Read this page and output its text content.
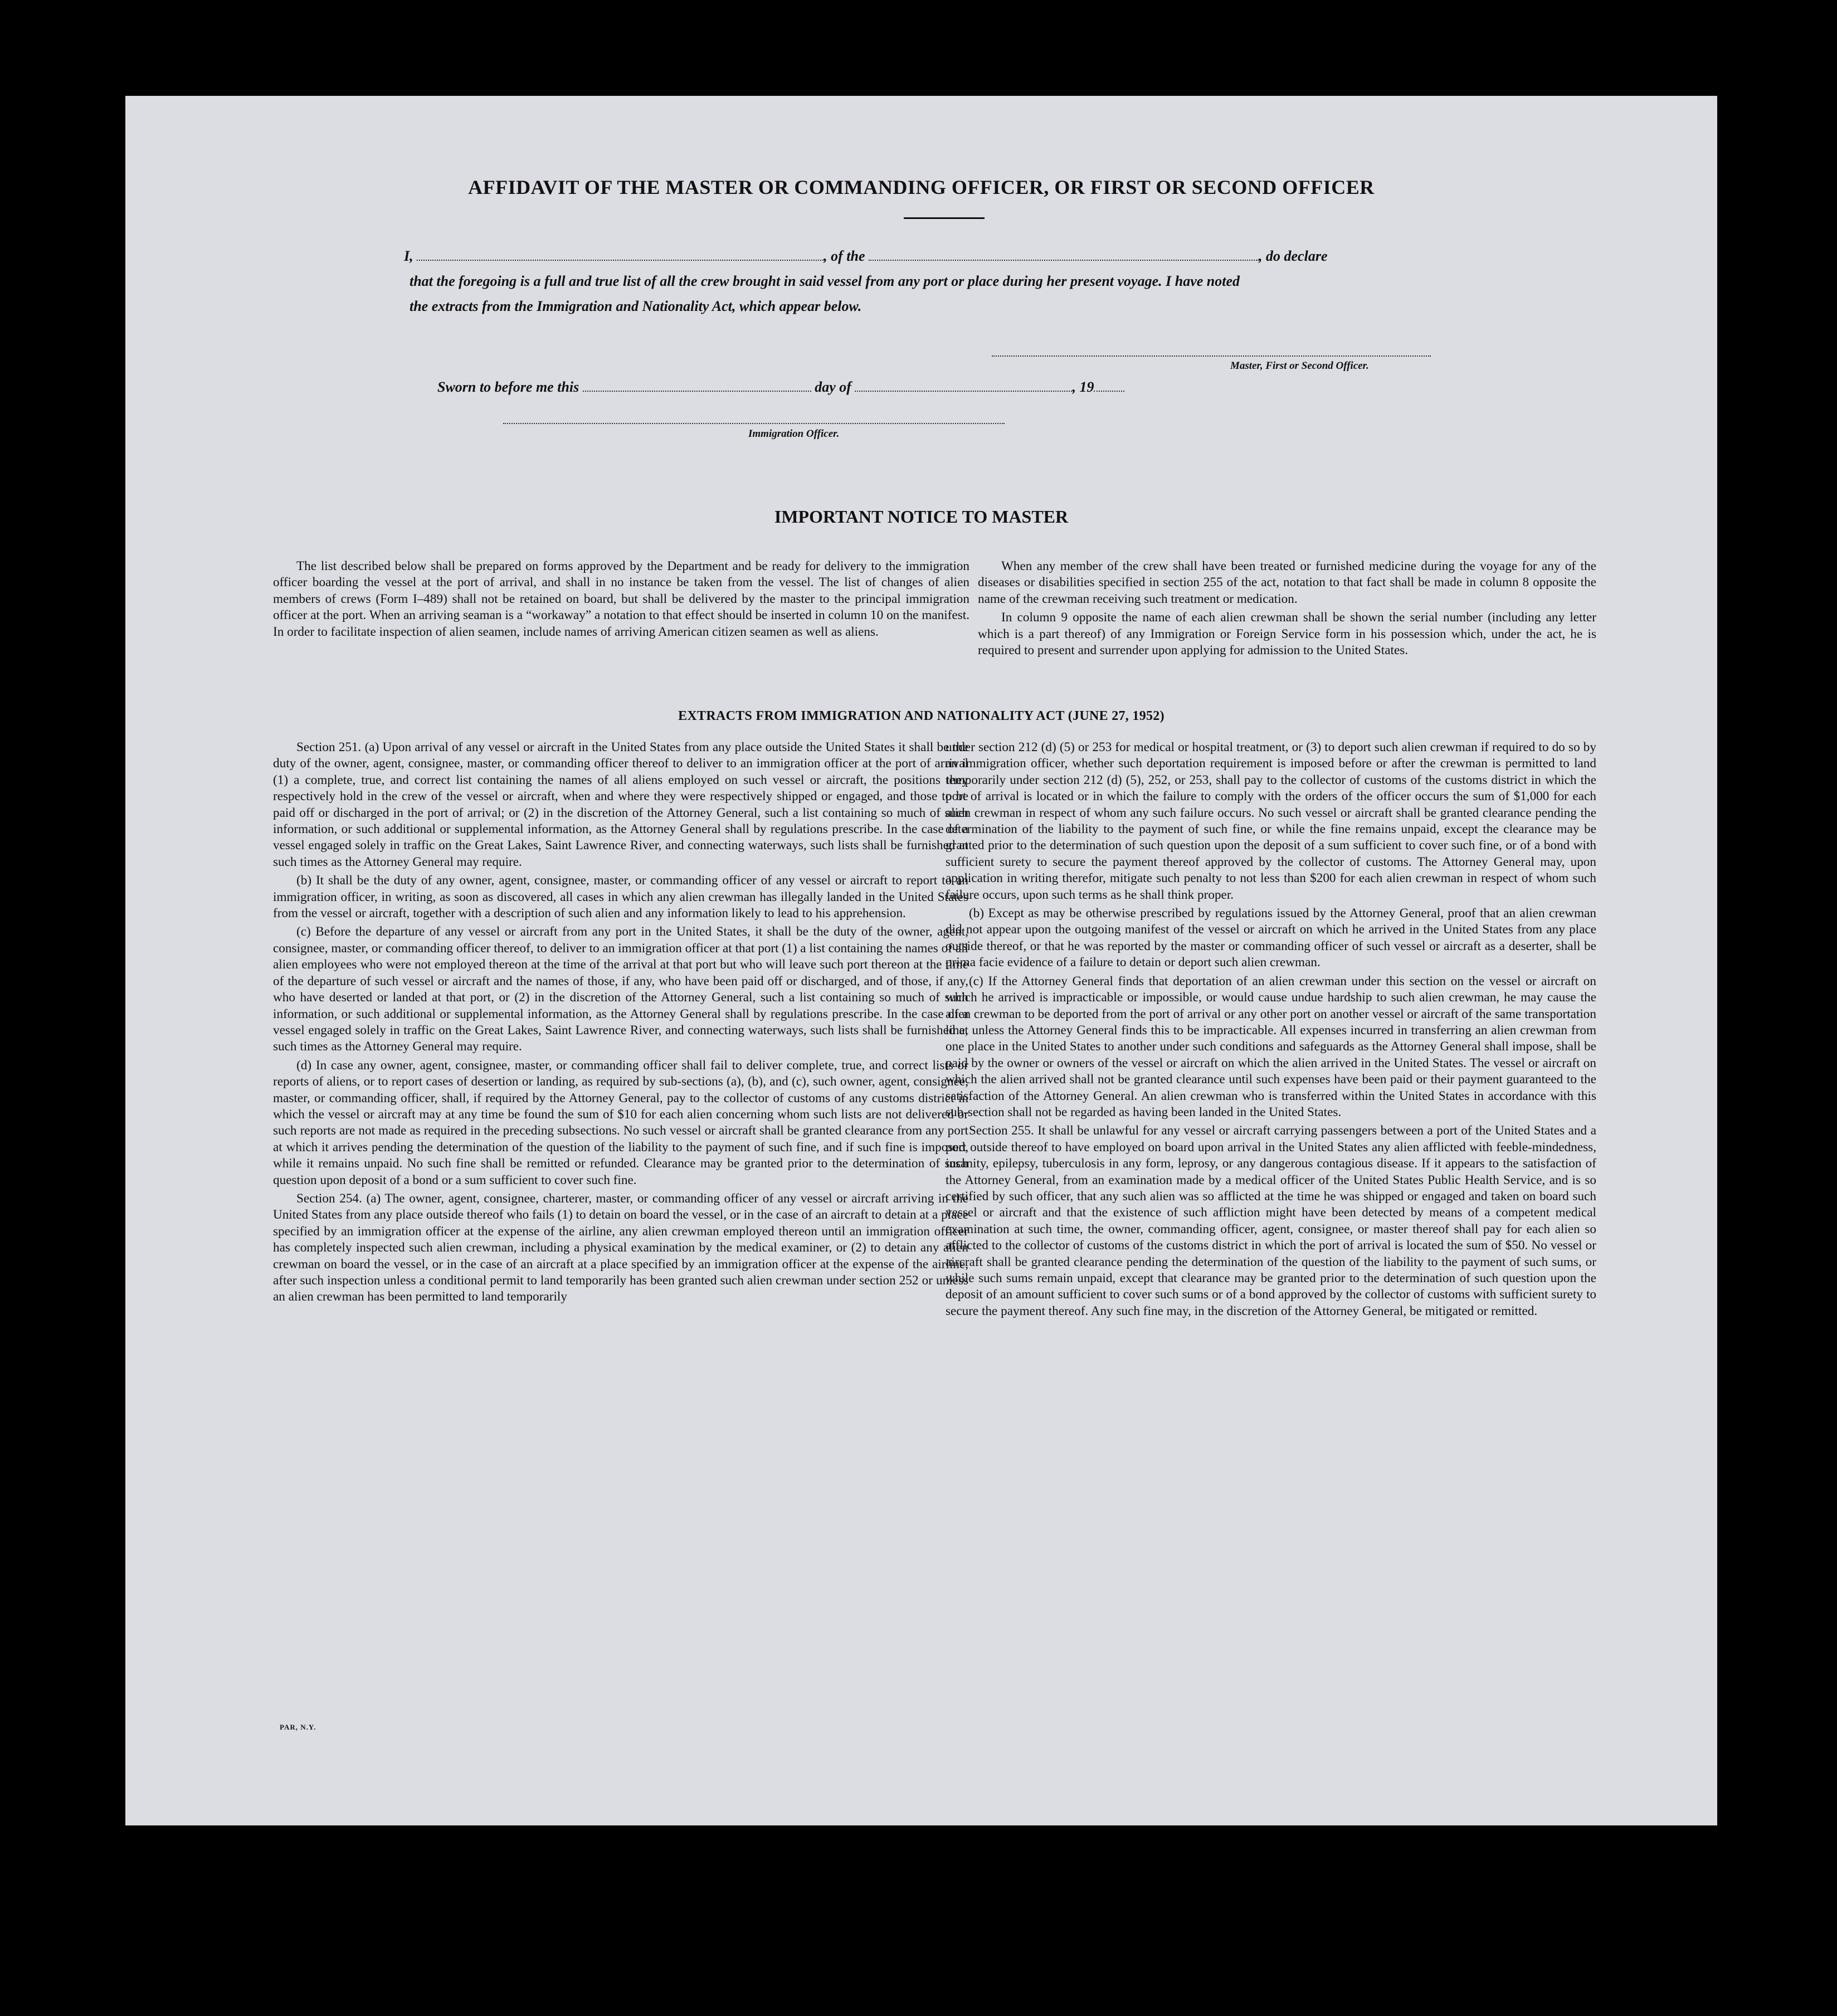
AFFIDAVIT OF THE MASTER OR COMMANDING OFFICER, OR FIRST OR SECOND OFFICER

I,	, of the	, do declare

that the foregoing is a full and true list of all the crew brought in said vessel from any port or place during her present voyage. I have noted

the extracts from the Immigration and Nationality Act, which appear below.

Master, First or Second Officer.

Sworn to before me this	day of	, 19

Immigration Officer.
IMPORTANT NOTICE TO MASTER

The list described below shall be prepared on forms approved by the Department and be ready for delivery to the immigration officer boarding the vessel at the port of arrival, and shall in no instance be taken from the vessel. The list of changes of alien members of crews (Form I–489) shall not be retained on board, but shall be delivered by the master to the principal immigration officer at the port. When an arriving seaman is a “workaway” a notation to that effect should be inserted in column 10 on the manifest. In order to facilitate inspection of alien seamen, include names of arriving American citizen seamen as well as aliens.

When any member of the crew shall have been treated or furnished medicine during the voyage for any of the diseases or disabilities specified in section 255 of the act, notation to that fact shall be made in column 8 opposite the name of the crewman receiving such treatment or medication.

In column 9 opposite the name of each alien crewman shall be shown the serial number (including any letter which is a part thereof) of any Immigration or Foreign Service form in his possession which, under the act, he is required to present and surrender upon applying for admission to the United States.

EXTRACTS FROM IMMIGRATION AND NATIONALITY ACT (JUNE 27, 1952)

Section 251. (a) Upon arrival of any vessel or aircraft in the United States from any place outside the United States it shall be the duty of the owner, agent, consignee, master, or commanding officer thereof to deliver to an immigration officer at the port of arrival (1) a complete, true, and correct list containing the names of all aliens employed on such vessel or aircraft, the positions they respectively hold in the crew of the vessel or aircraft, when and where they were respectively shipped or engaged, and those to be paid off or discharged in the port of arrival; or (2) in the discretion of the Attorney General, such a list containing so much of such information, or such additional or supplemental information, as the Attorney General shall by regulations prescribe. In the case of a vessel engaged solely in traffic on the Great Lakes, Saint Lawrence River, and connecting waterways, such lists shall be furnished at such times as the Attorney General may require.

(b) It shall be the duty of any owner, agent, consignee, master, or commanding officer of any vessel or aircraft to report to an immigration officer, in writing, as soon as discovered, all cases in which any alien crewman has illegally landed in the United States from the vessel or aircraft, together with a description of such alien and any information likely to lead to his apprehension.

(c) Before the departure of any vessel or aircraft from any port in the United States, it shall be the duty of the owner, agent, consignee, master, or commanding officer thereof, to deliver to an immigration officer at that port (1) a list containing the names of all alien employees who were not employed thereon at the time of the arrival at that port but who will leave such port thereon at the time of the departure of such vessel or aircraft and the names of those, if any, who have been paid off or discharged, and of those, if any, who have deserted or landed at that port, or (2) in the discretion of the Attorney General, such a list containing so much of such information, or such additional or supplemental information, as the Attorney General shall by regulations prescribe. In the case of a vessel engaged solely in traffic on the Great Lakes, Saint Lawrence River, and connecting waterways, such lists shall be furnished at such times as the Attorney General may require.

(d) In case any owner, agent, consignee, master, or commanding officer shall fail to deliver complete, true, and correct lists or reports of aliens, or to report cases of desertion or landing, as required by sub-sections (a), (b), and (c), such owner, agent, consignee, master, or commanding officer, shall, if required by the Attorney General, pay to the collector of customs of any customs district in which the vessel or aircraft may at any time be found the sum of $10 for each alien concerning whom such lists are not delivered or such reports are not made as required in the preceding subsections. No such vessel or aircraft shall be granted clearance from any port at which it arrives pending the determination of the question of the liability to the payment of such fine, and if such fine is imposed, while it remains unpaid. No such fine shall be remitted or refunded. Clearance may be granted prior to the determination of such question upon deposit of a bond or a sum sufficient to cover such fine.

Section 254. (a) The owner, agent, consignee, charterer, master, or commanding officer of any vessel or aircraft arriving in the United States from any place outside thereof who fails (1) to detain on board the vessel, or in the case of an aircraft to detain at a place specified by an immigration officer at the expense of the airline, any alien crewman employed thereon until an immigration officer has completely inspected such alien crewman, including a physical examination by the medical examiner, or (2) to detain any alien crewman on board the vessel, or in the case of an aircraft at a place specified by an immigration officer at the expense of the airline, after such inspection unless a conditional permit to land temporarily has been granted such alien crewman under section 252 or unless an alien crewman has been permitted to land temporarily

under section 212 (d) (5) or 253 for medical or hospital treatment, or (3) to deport such alien crewman if required to do so by an immigration officer, whether such deportation requirement is imposed before or after the crewman is permitted to land temporarily under section 212 (d) (5), 252, or 253, shall pay to the collector of customs of the customs district in which the port of arrival is located or in which the failure to comply with the orders of the officer occurs the sum of $1,000 for each alien crewman in respect of whom any such failure occurs. No such vessel or aircraft shall be granted clearance pending the determination of the liability to the payment of such fine, or while the fine remains unpaid, except the clearance may be granted prior to the determination of such question upon the deposit of a sum sufficient to cover such fine, or of a bond with sufficient surety to secure the payment thereof approved by the collector of customs. The Attorney General may, upon application in writing therefor, mitigate such penalty to not less than $200 for each alien crewman in respect of whom such failure occurs, upon such terms as he shall think proper.

(b) Except as may be otherwise prescribed by regulations issued by the Attorney General, proof that an alien crewman did not appear upon the outgoing manifest of the vessel or aircraft on which he arrived in the United States from any place outside thereof, or that he was reported by the master or commanding officer of such vessel or aircraft as a deserter, shall be prima facie evidence of a failure to detain or deport such alien crewman.

(c) If the Attorney General finds that deportation of an alien crewman under this section on the vessel or aircraft on which he arrived is impracticable or impossible, or would cause undue hardship to such alien crewman, he may cause the alien crewman to be deported from the port of arrival or any other port on another vessel or aircraft of the same transportation line, unless the Attorney General finds this to be impracticable. All expenses incurred in transferring an alien crewman from one place in the United States to another under such conditions and safeguards as the Attorney General shall impose, shall be paid by the owner or owners of the vessel or aircraft on which the alien arrived in the United States. The vessel or aircraft on which the alien arrived shall not be granted clearance until such expenses have been paid or their payment guaranteed to the satisfaction of the Attorney General. An alien crewman who is transferred within the United States in accordance with this sub-section shall not be regarded as having been landed in the United States.

Section 255. It shall be unlawful for any vessel or aircraft carrying passengers between a port of the United States and a port outside thereof to have employed on board upon arrival in the United States any alien afflicted with feeble-mindedness, insanity, epilepsy, tuberculosis in any form, leprosy, or any dangerous contagious disease. If it appears to the satisfaction of the Attorney General, from an examination made by a medical officer of the United States Public Health Service, and is so certified by such officer, that any such alien was so afflicted at the time he was shipped or engaged and taken on board such vessel or aircraft and that the existence of such affliction might have been detected by means of a competent medical examination at such time, the owner, commanding officer, agent, consignee, or master thereof shall pay for each alien so afflicted to the collector of customs of the customs district in which the port of arrival is located the sum of $50. No vessel or aircraft shall be granted clearance pending the determination of the question of the liability to the payment of such sums, or while such sums remain unpaid, except that clearance may be granted prior to the determination of such question upon the deposit of an amount sufficient to cover such sums or of a bond approved by the collector of customs with sufficient surety to secure the payment thereof. Any such fine may, in the discretion of the Attorney General, be mitigated or remitted.

PAR, N.Y.
